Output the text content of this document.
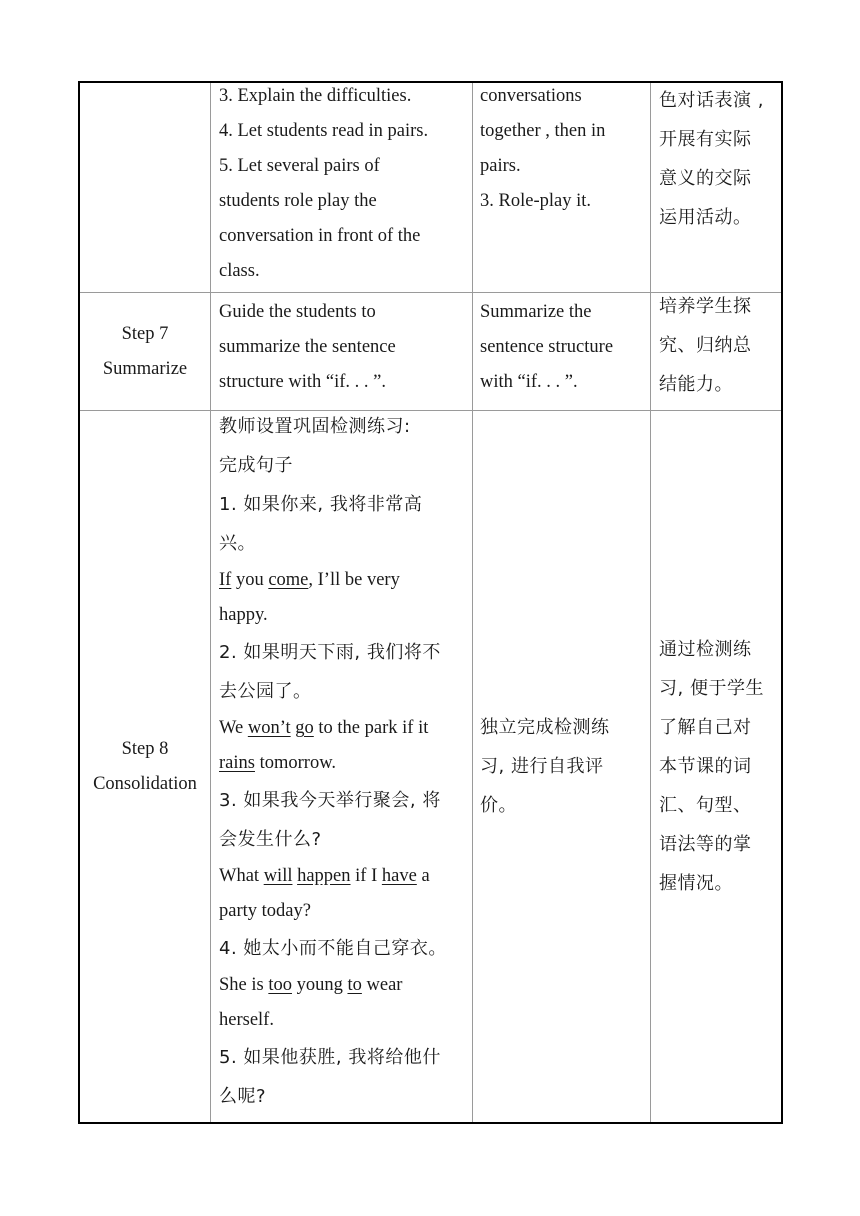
3. Explain the difficulties.
4. Let students read in pairs.
5. Let several pairs of
students role play the
conversation in front of the
class.
conversations
together , then in
pairs.
3. Role-play it.
色对话表演 ,
开展有实际
意义的交际
运用活动。
Step 7
Summarize
Guide the students to
summarize the sentence
structure with “if. . . ”.
Summarize the
sentence structure
with “if. . . ”.
培养学生探
究、归纳总
结能力。
Step 8
Consolidation
教师设置巩固检测练习:
完成句子
1. 如果你来, 我将非常高
兴。
If you come, I’ll be very
happy.
2. 如果明天下雨, 我们将不
去公园了。
We won’t go to the park if it
rains tomorrow.
3. 如果我今天举行聚会, 将
会发生什么?
What will happen if I have a
party today?
4. 她太小而不能自己穿衣。
She is too young to wear
herself.
5. 如果他获胜, 我将给他什
么呢?
独立完成检测练
习, 进行自我评
价。
通过检测练
习, 便于学生
了解自己对
本节课的词
汇、句型、
语法等的掌
握情况。
